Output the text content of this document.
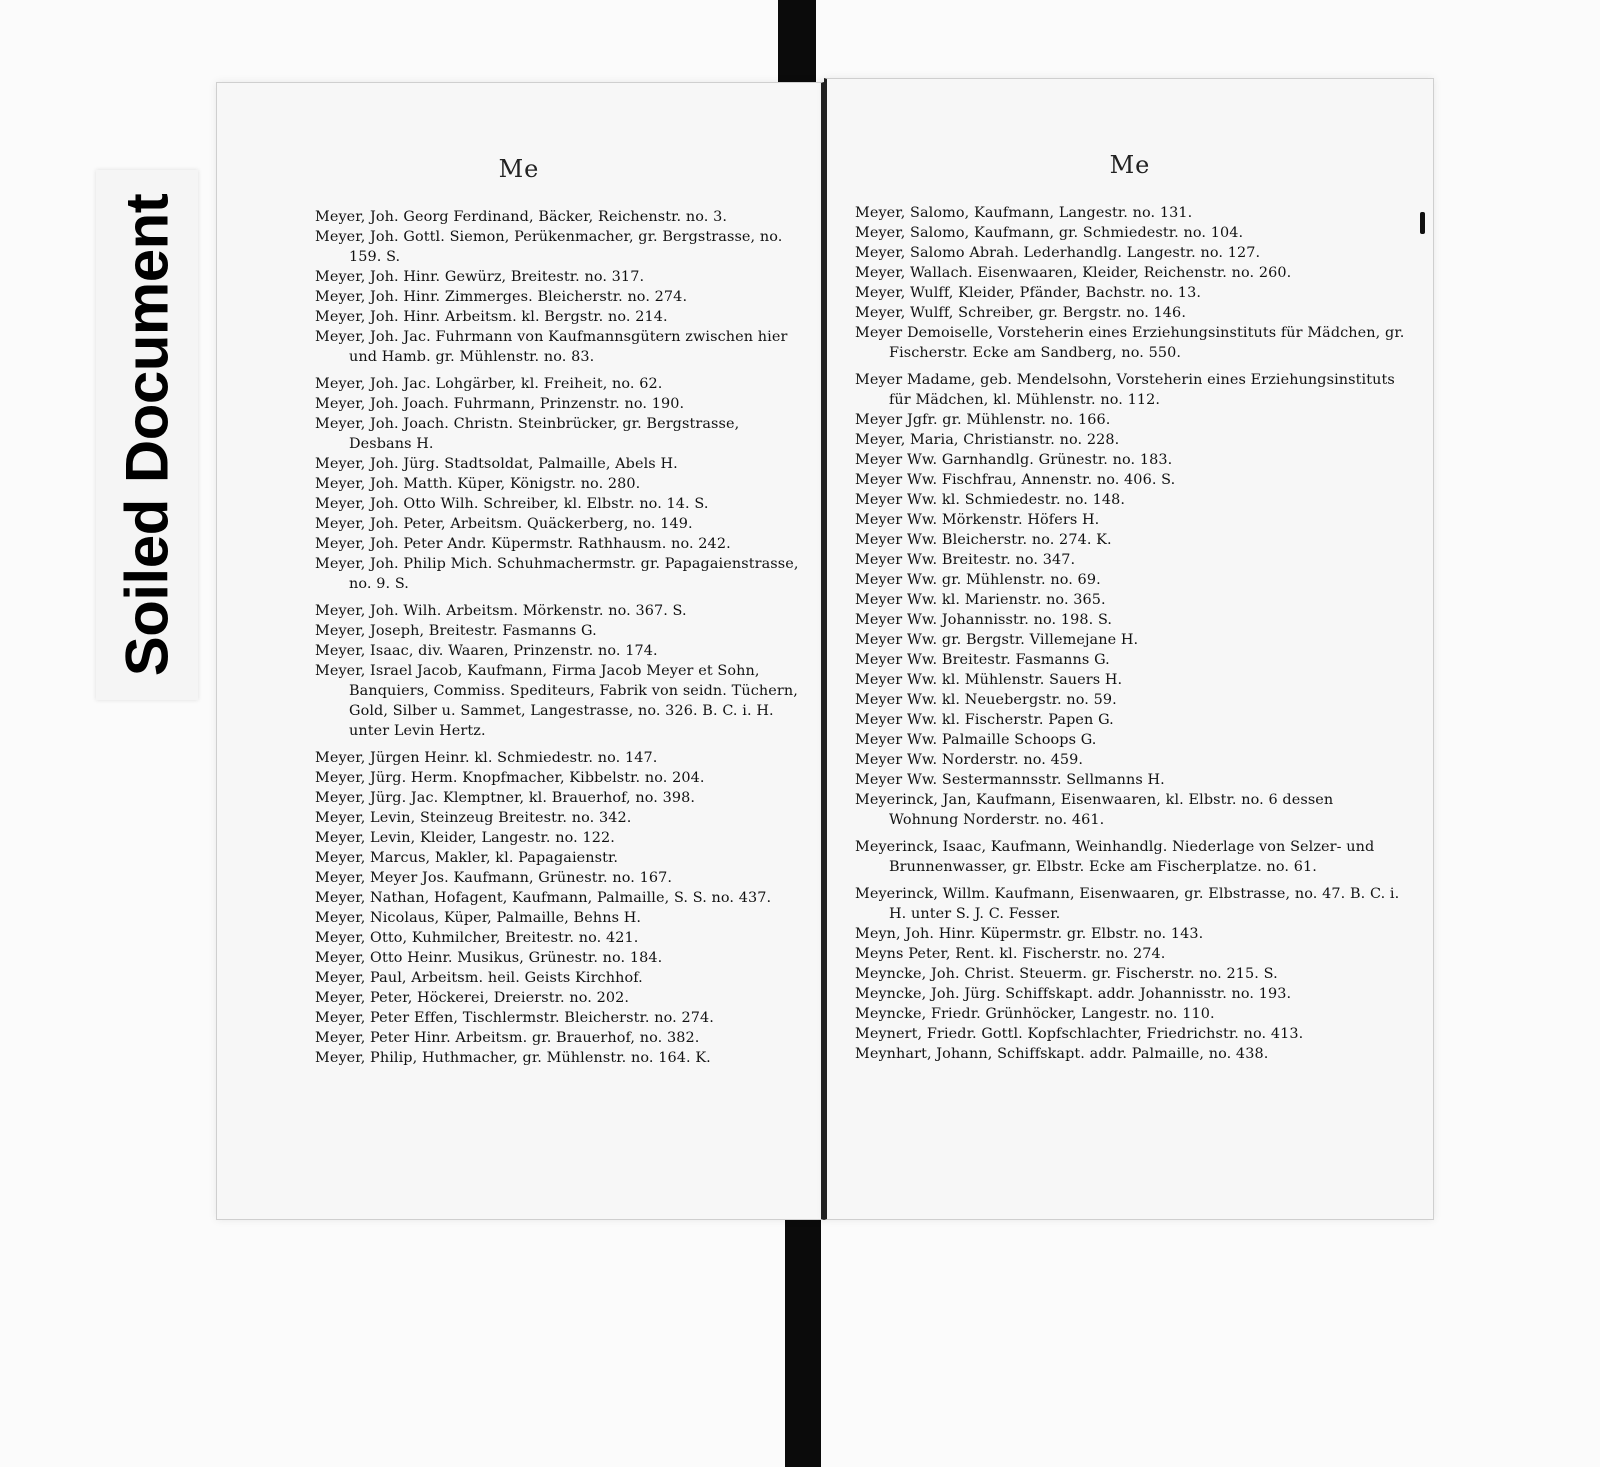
Soiled Document
Me
Meyer, Joh. Georg Ferdinand, Bäcker, Reichenstr. no. 3.
Meyer, Joh. Gottl. Siemon, Perükenmacher, gr. Bergstrasse, no. 159. S.
Meyer, Joh. Hinr. Gewürz, Breitestr. no. 317.
Meyer, Joh. Hinr. Zimmerges. Bleicherstr. no. 274.
Meyer, Joh. Hinr. Arbeitsm. kl. Bergstr. no. 214.
Meyer, Joh. Jac. Fuhrmann von Kaufmannsgütern zwischen hier und Hamb. gr. Mühlenstr. no. 83.
Meyer, Joh. Jac. Lohgärber, kl. Freiheit, no. 62.
Meyer, Joh. Joach. Fuhrmann, Prinzenstr. no. 190.
Meyer, Joh. Joach. Christn. Steinbrücker, gr. Bergstrasse, Desbans H.
Meyer, Joh. Jürg. Stadtsoldat, Palmaille, Abels H.
Meyer, Joh. Matth. Küper, Königstr. no. 280.
Meyer, Joh. Otto Wilh. Schreiber, kl. Elbstr. no. 14. S.
Meyer, Joh. Peter, Arbeitsm. Quäckerberg, no. 149.
Meyer, Joh. Peter Andr. Küpermstr. Rathhausm. no. 242.
Meyer, Joh. Philip Mich. Schuhmachermstr. gr. Papagaienstrasse, no. 9. S.
Meyer, Joh. Wilh. Arbeitsm. Mörkenstr. no. 367. S.
Meyer, Joseph, Breitestr. Fasmanns G.
Meyer, Isaac, div. Waaren, Prinzenstr. no. 174.
Meyer, Israel Jacob, Kaufmann, Firma Jacob Meyer et Sohn, Banquiers, Commiss. Spediteurs, Fabrik von seidn. Tüchern, Gold, Silber u. Sammet, Langestrasse, no. 326. B. C. i. H. unter Levin Hertz.
Meyer, Jürgen Heinr. kl. Schmiedestr. no. 147.
Meyer, Jürg. Herm. Knopfmacher, Kibbelstr. no. 204.
Meyer, Jürg. Jac. Klemptner, kl. Brauerhof, no. 398.
Meyer, Levin, Steinzeug Breitestr. no. 342.
Meyer, Levin, Kleider, Langestr. no. 122.
Meyer, Marcus, Makler, kl. Papagaienstr.
Meyer, Meyer Jos. Kaufmann, Grünestr. no. 167.
Meyer, Nathan, Hofagent, Kaufmann, Palmaille, S. S. no. 437.
Meyer, Nicolaus, Küper, Palmaille, Behns H.
Meyer, Otto, Kuhmilcher, Breitestr. no. 421.
Meyer, Otto Heinr. Musikus, Grünestr. no. 184.
Meyer, Paul, Arbeitsm. heil. Geists Kirchhof.
Meyer, Peter, Höckerei, Dreierstr. no. 202.
Meyer, Peter Effen, Tischlermstr. Bleicherstr. no. 274.
Meyer, Peter Hinr. Arbeitsm. gr. Brauerhof, no. 382.
Meyer, Philip, Huthmacher, gr. Mühlenstr. no. 164. K.
Me
Meyer, Salomo, Kaufmann, Langestr. no. 131.
Meyer, Salomo, Kaufmann, gr. Schmiedestr. no. 104.
Meyer, Salomo Abrah. Lederhandlg. Langestr. no. 127.
Meyer, Wallach. Eisenwaaren, Kleider, Reichenstr. no. 260.
Meyer, Wulff, Kleider, Pfänder, Bachstr. no. 13.
Meyer, Wulff, Schreiber, gr. Bergstr. no. 146.
Meyer Demoiselle, Vorsteherin eines Erziehungsinstituts für Mädchen, gr. Fischerstr. Ecke am Sandberg, no. 550.
Meyer Madame, geb. Mendelsohn, Vorsteherin eines Erziehungsinstituts für Mädchen, kl. Mühlenstr. no. 112.
Meyer Jgfr. gr. Mühlenstr. no. 166.
Meyer, Maria, Christianstr. no. 228.
Meyer Ww. Garnhandlg. Grünestr. no. 183.
Meyer Ww. Fischfrau, Annenstr. no. 406. S.
Meyer Ww. kl. Schmiedestr. no. 148.
Meyer Ww. Mörkenstr. Höfers H.
Meyer Ww. Bleicherstr. no. 274. K.
Meyer Ww. Breitestr. no. 347.
Meyer Ww. gr. Mühlenstr. no. 69.
Meyer Ww. kl. Marienstr. no. 365.
Meyer Ww. Johannisstr. no. 198. S.
Meyer Ww. gr. Bergstr. Villemejane H.
Meyer Ww. Breitestr. Fasmanns G.
Meyer Ww. kl. Mühlenstr. Sauers H.
Meyer Ww. kl. Neuebergstr. no. 59.
Meyer Ww. kl. Fischerstr. Papen G.
Meyer Ww. Palmaille Schoops G.
Meyer Ww. Norderstr. no. 459.
Meyer Ww. Sestermannsstr. Sellmanns H.
Meyerinck, Jan, Kaufmann, Eisenwaaren, kl. Elbstr. no. 6 dessen Wohnung Norderstr. no. 461.
Meyerinck, Isaac, Kaufmann, Weinhandlg. Niederlage von Selzer- und Brunnenwasser, gr. Elbstr. Ecke am Fischerplatze. no. 61.
Meyerinck, Willm. Kaufmann, Eisenwaaren, gr. Elbstrasse, no. 47. B. C. i. H. unter S. J. C. Fesser.
Meyn, Joh. Hinr. Küpermstr. gr. Elbstr. no. 143.
Meyns Peter, Rent. kl. Fischerstr. no. 274.
Meyncke, Joh. Christ. Steuerm. gr. Fischerstr. no. 215. S.
Meyncke, Joh. Jürg. Schiffskapt. addr. Johannisstr. no. 193.
Meyncke, Friedr. Grünhöcker, Langestr. no. 110.
Meynert, Friedr. Gottl. Kopfschlachter, Friedrichstr. no. 413.
Meynhart, Johann, Schiffskapt. addr. Palmaille, no. 438.
